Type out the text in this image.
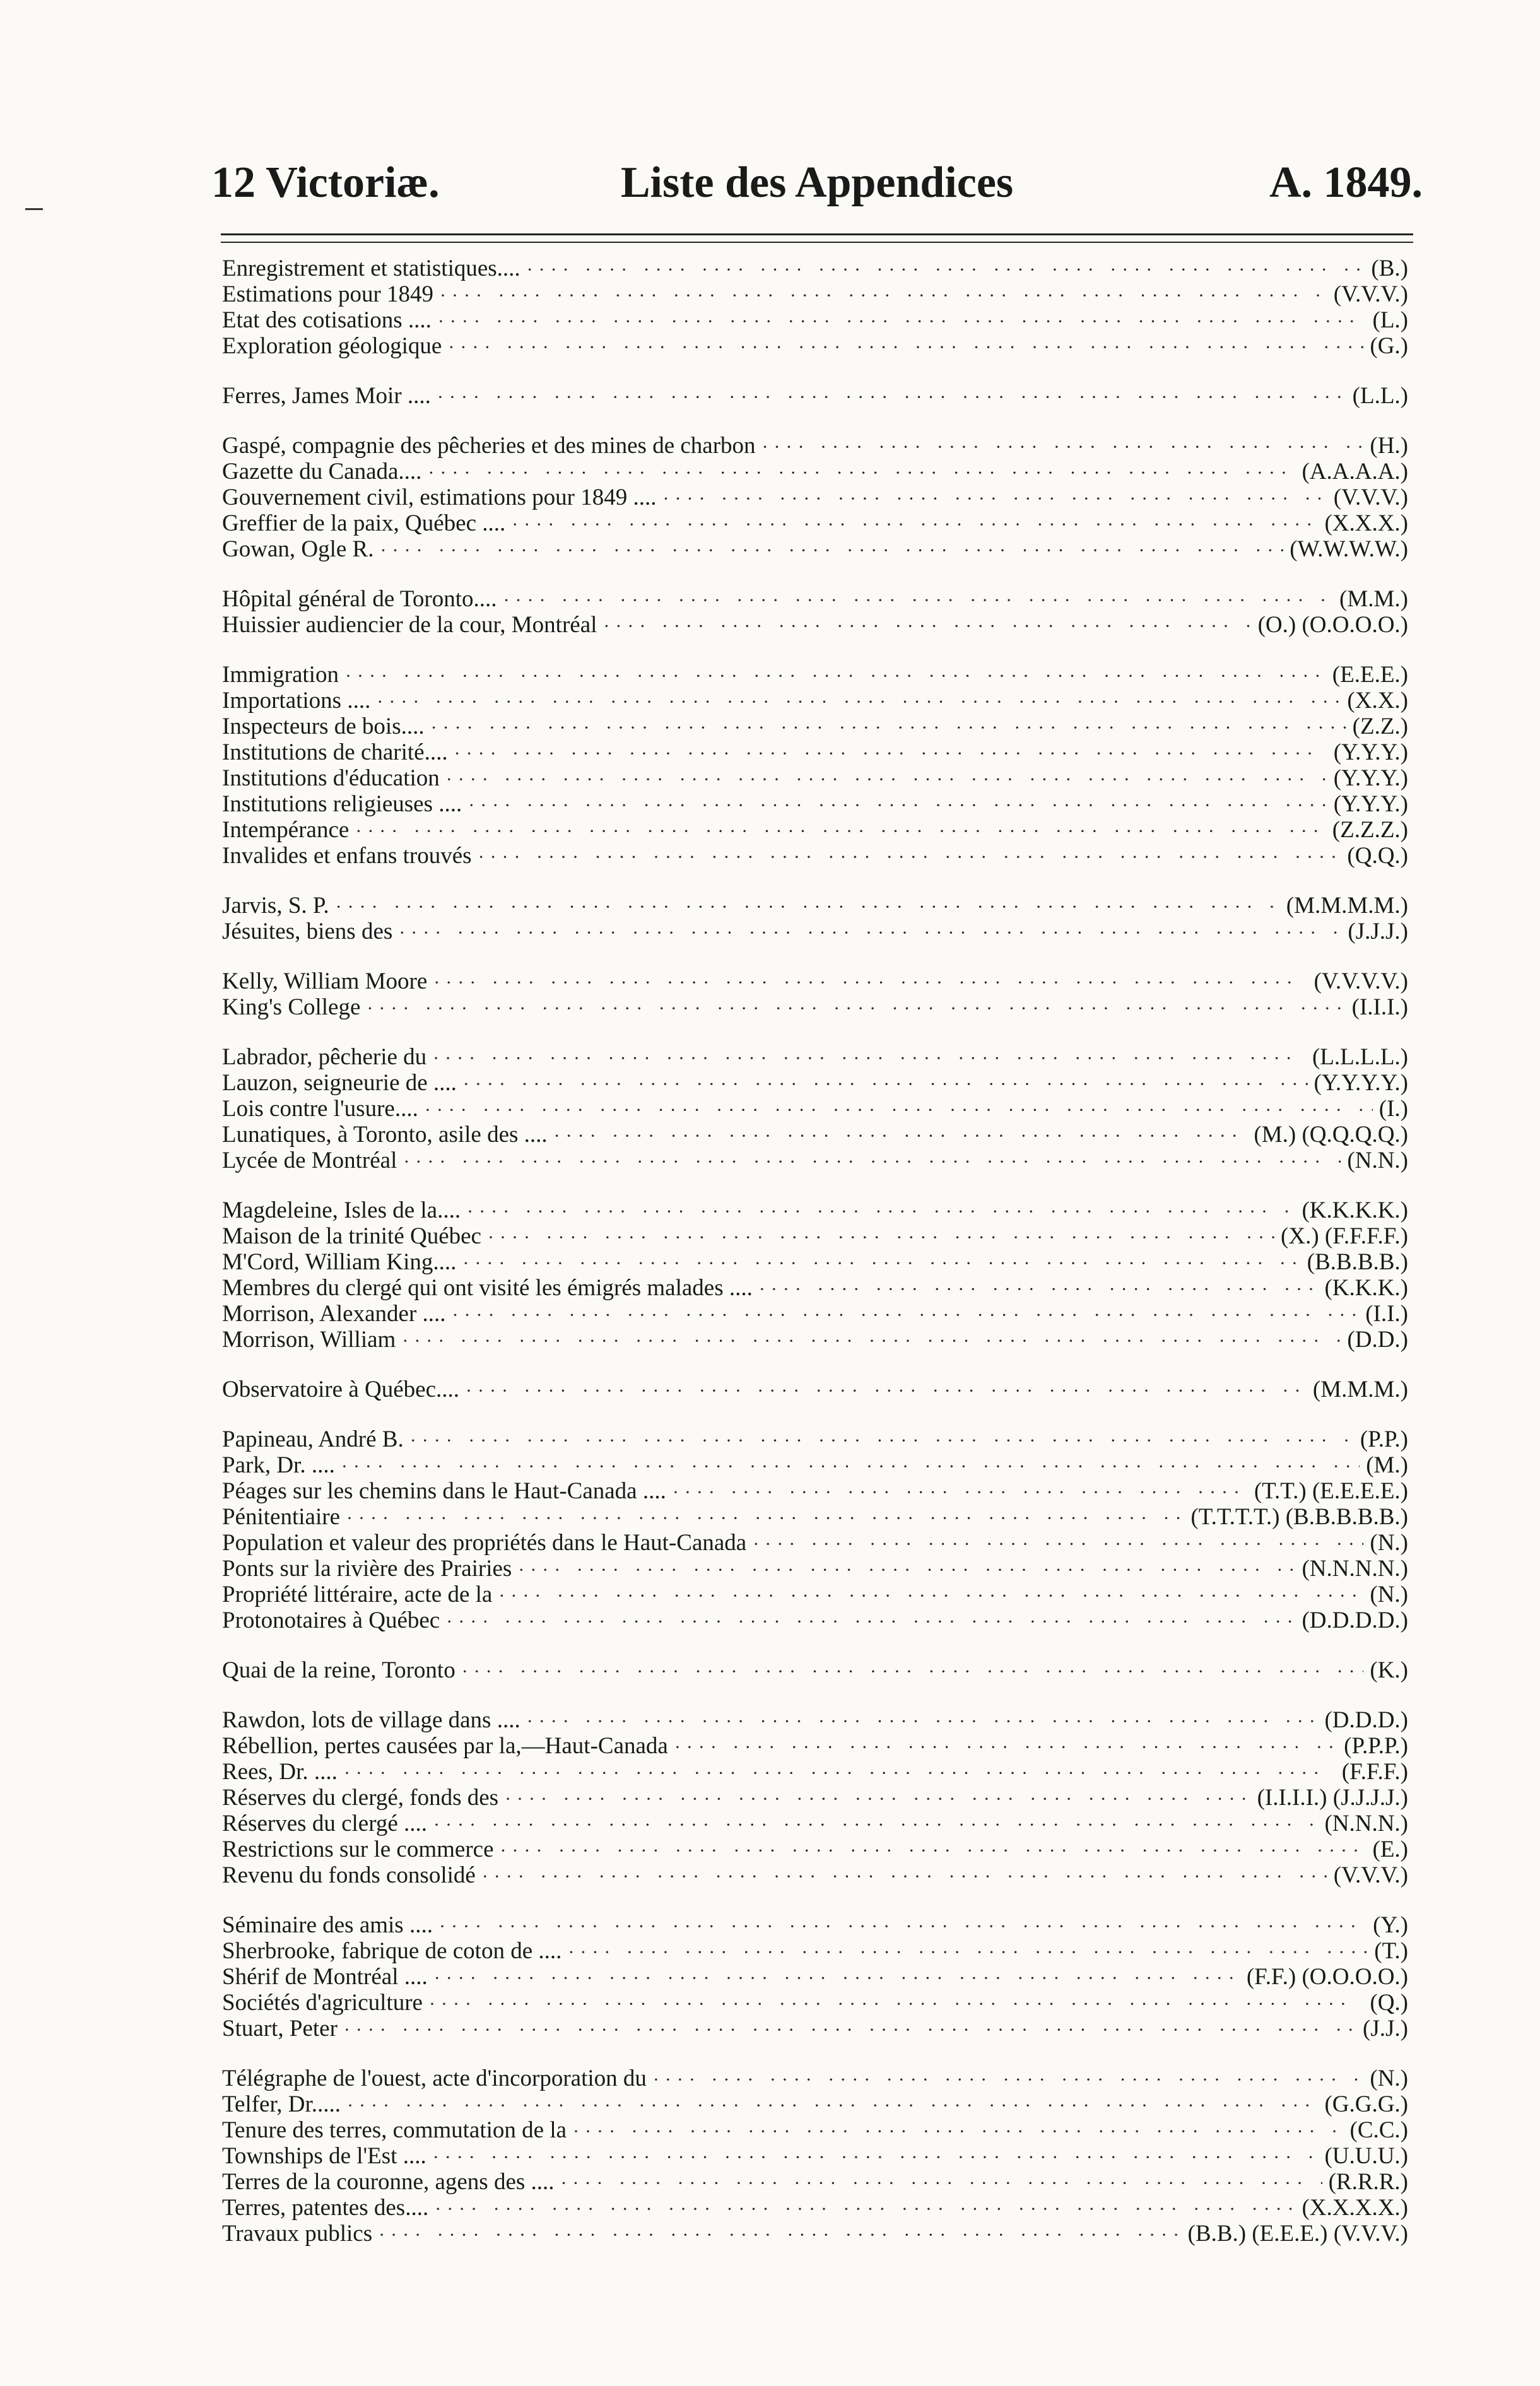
Liste des Appendices
12 Victoriæ.	A. 1849.
Enregistrement et statistiques.... ····	(B.)
Estimations pour 1849 ····	(V.V.V.)
Etat des cotisations .... ····	(L.)
Exploration géologique ····	(G.)
Ferres, James Moir .... ····	(L.L.)
Gaspé, compagnie des pêcheries et des mines de charbon ····	(H.)
Gazette du Canada.... ····	(A.A.A.A.)
Gouvernement civil, estimations pour 1849 .... ····	(V.V.V.)
Greffier de la paix, Québec .... ····	(X.X.X.)
Gowan, Ogle R. ····	(W.W.W.W.)
Hôpital général de Toronto.... ····	(M.M.)
Huissier audiencier de la cour, Montréal ····	(O.) (O.O.O.O.)
Immigration ····	(E.E.E.)
Importations .... ····	(X.X.)
Inspecteurs de bois.... ····	(Z.Z.)
Institutions de charité.... ····	(Y.Y.Y.)
Institutions d'éducation ····	(Y.Y.Y.)
Institutions religieuses .... ····	(Y.Y.Y.)
Intempérance ····	(Z.Z.Z.)
Invalides et enfans trouvés ····	(Q.Q.)
Jarvis, S. P. ····	(M.M.M.M.)
Jésuites, biens des ····	(J.J.J.)
Kelly, William Moore ····	(V.V.V.V.)
King's College ····	(I.I.I.)
Labrador, pêcherie du ····	(L.L.L.L.)
Lauzon, seigneurie de .... ····	(Y.Y.Y.Y.)
Lois contre l'usure.... ····	(I.)
Lunatiques, à Toronto, asile des .... ····	(M.) (Q.Q.Q.Q.)
Lycée de Montréal ····	(N.N.)
Magdeleine, Isles de la.... ····	(K.K.K.K.)
Maison de la trinité Québec ····	(X.) (F.F.F.F.)
M'Cord, William King.... ····	(B.B.B.B.)
Membres du clergé qui ont visité les émigrés malades .... ····	(K.K.K.)
Morrison, Alexander .... ····	(I.I.)
Morrison, William ····	(D.D.)
Observatoire à Québec.... ····	(M.M.M.)
Papineau, André B. ····	(P.P.)
Park, Dr. .... ····	(M.)
Péages sur les chemins dans le Haut-Canada .... ····	(T.T.) (E.E.E.E.)
Pénitentiaire ····	(T.T.T.T.) (B.B.B.B.B.)
Population et valeur des propriétés dans le Haut-Canada ····	(N.)
Ponts sur la rivière des Prairies ····	(N.N.N.N.)
Propriété littéraire, acte de la ····	(N.)
Protonotaires à Québec ····	(D.D.D.D.)
Quai de la reine, Toronto ····	(K.)
Rawdon, lots de village dans .... ····	(D.D.D.)
Rébellion, pertes causées par la,—Haut-Canada ····	(P.P.P.)
Rees, Dr. .... ····	(F.F.F.)
Réserves du clergé, fonds des ····	(I.I.I.I.) (J.J.J.J.)
Réserves du clergé .... ····	(N.N.N.)
Restrictions sur le commerce ····	(E.)
Revenu du fonds consolidé ····	(V.V.V.)
Séminaire des amis .... ····	(Y.)
Sherbrooke, fabrique de coton de .... ····	(T.)
Shérif de Montréal .... ····	(F.F.) (O.O.O.O.)
Sociétés d'agriculture ····	(Q.)
Stuart, Peter ····	(J.J.)
Télégraphe de l'ouest, acte d'incorporation du ····	(N.)
Telfer, Dr..... ····	(G.G.G.)
Tenure des terres, commutation de la ····	(C.C.)
Townships de l'Est .... ····	(U.U.U.)
Terres de la couronne, agens des .... ····	(R.R.R.)
Terres, patentes des.... ····	(X.X.X.X.)
Travaux publics ····	(B.B.) (E.E.E.) (V.V.V.)
